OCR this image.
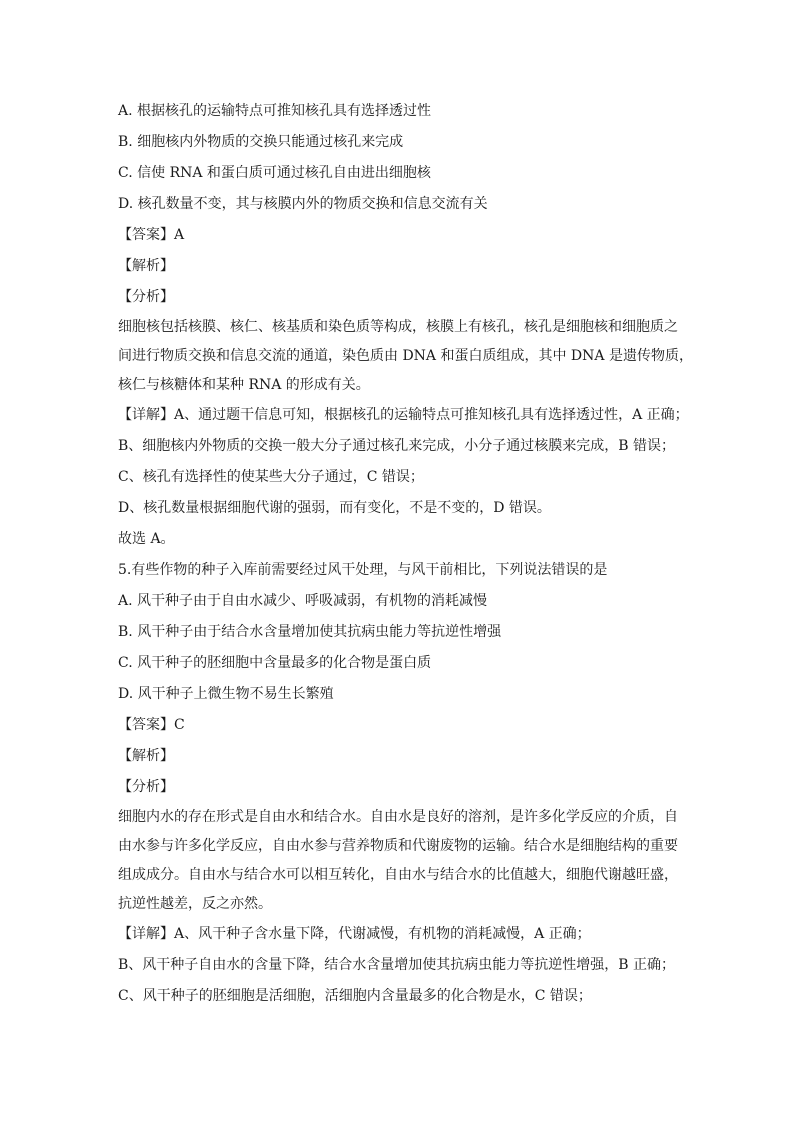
A. 根据核孔的运输特点可推知核孔具有选择透过性
B. 细胞核内外物质的交换只能通过核孔来完成
C. 信使 RNA 和蛋白质可通过核孔自由进出细胞核
D. 核孔数量不变，其与核膜内外的物质交换和信息交流有关
【答案】A
【解析】
【分析】
细胞核包括核膜、核仁、核基质和染色质等构成，核膜上有核孔，核孔是细胞核和细胞质之
间进行物质交换和信息交流的通道，染色质由 DNA 和蛋白质组成，其中 DNA 是遗传物质，
核仁与核糖体和某种 RNA 的形成有关。
【详解】A、通过题干信息可知，根据核孔的运输特点可推知核孔具有选择透过性，A 正确；
B、细胞核内外物质的交换一般大分子通过核孔来完成，小分子通过核膜来完成，B 错误；
C、核孔有选择性的使某些大分子通过，C 错误；
D、核孔数量根据细胞代谢的强弱，而有变化，不是不变的，D 错误。
故选 A。
5.有些作物的种子入库前需要经过风干处理，与风干前相比，下列说法错误的是
A. 风干种子由于自由水减少、呼吸减弱，有机物的消耗减慢
B. 风干种子由于结合水含量增加使其抗病虫能力等抗逆性增强
C. 风干种子的胚细胞中含量最多的化合物是蛋白质
D. 风干种子上微生物不易生长繁殖
【答案】C
【解析】
【分析】
细胞内水的存在形式是自由水和结合水。自由水是良好的溶剂，是许多化学反应的介质，自
由水参与许多化学反应，自由水参与营养物质和代谢废物的运输。结合水是细胞结构的重要
组成成分。自由水与结合水可以相互转化，自由水与结合水的比值越大，细胞代谢越旺盛，
抗逆性越差，反之亦然。
【详解】A、风干种子含水量下降，代谢减慢，有机物的消耗减慢，A 正确；
B、风干种子自由水的含量下降，结合水含量增加使其抗病虫能力等抗逆性增强，B 正确；
C、风干种子的胚细胞是活细胞，活细胞内含量最多的化合物是水，C 错误；
